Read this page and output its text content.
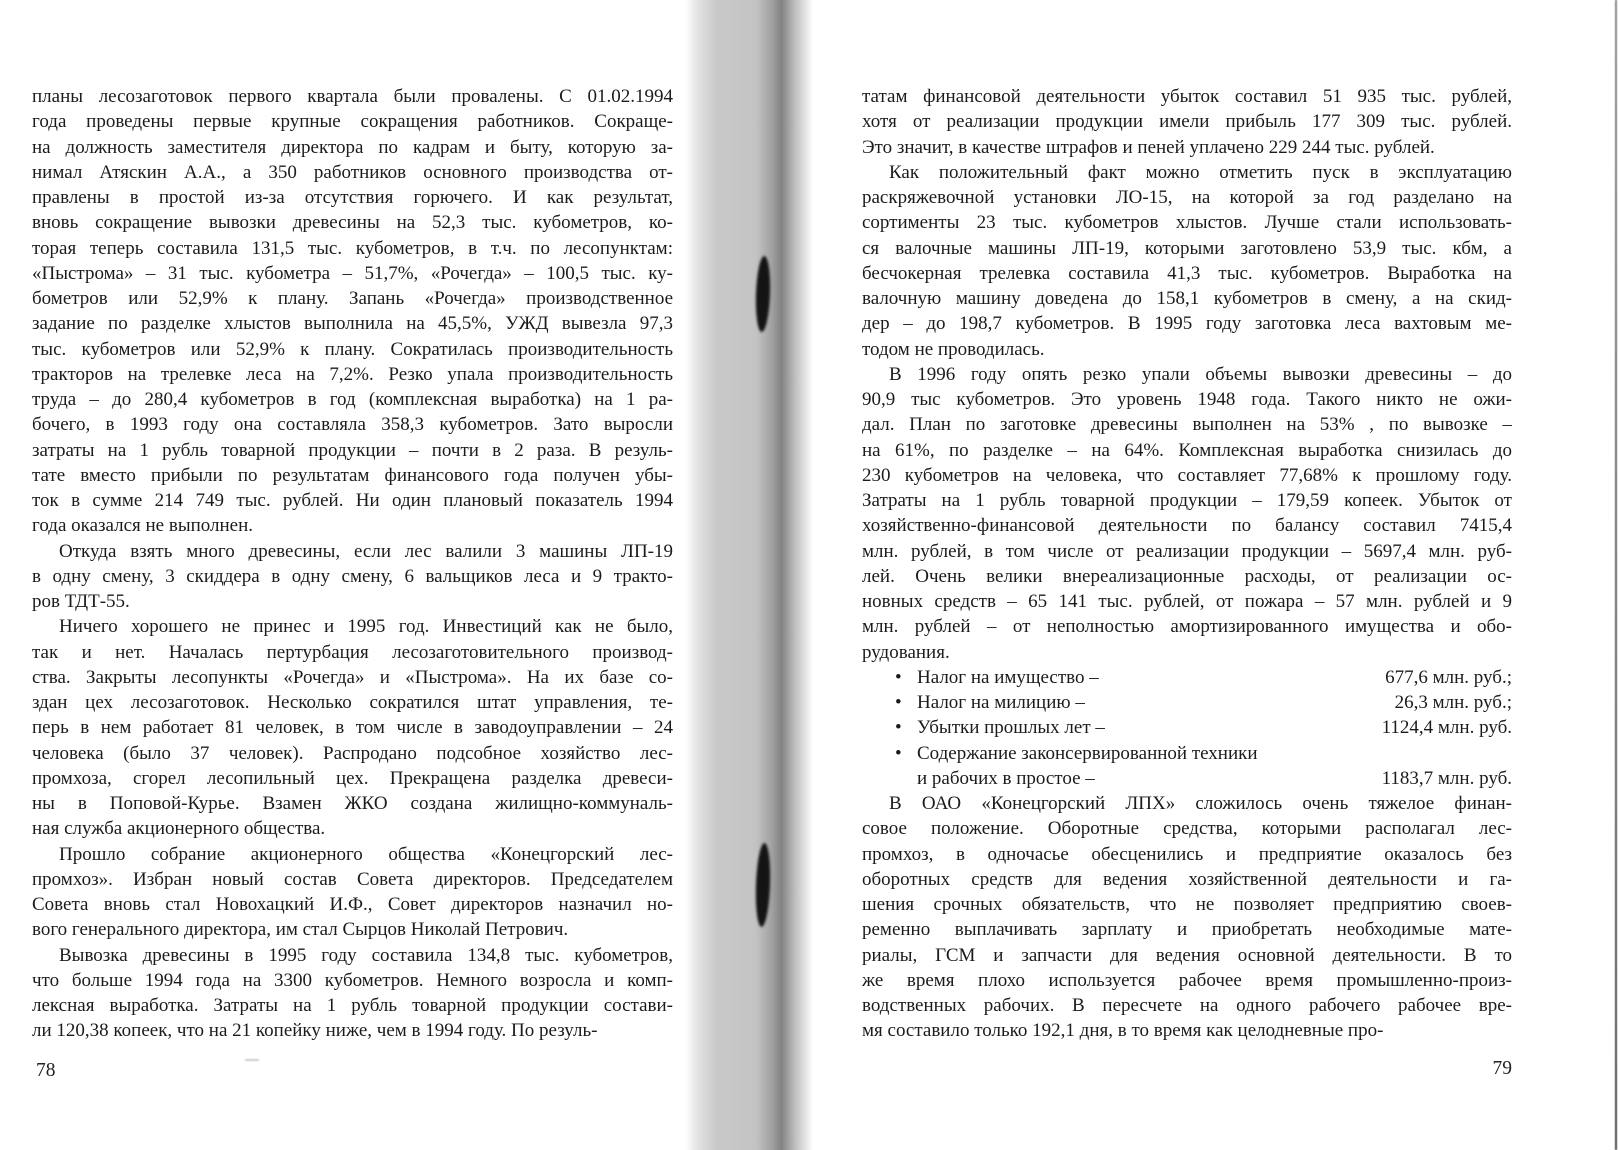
планы лесозаготовок первого квартала были провалены. С 01.02.1994
года проведены первые крупные сокращения работников. Сокраще-
на должность заместителя директора по кадрам и быту, которую за-
нимал Атяскин А.А., а 350 работников основного производства от-
правлены в простой из-за отсутствия горючего. И как результат,
вновь сокращение вывозки древесины на 52,3 тыс. кубометров, ко-
торая теперь составила 131,5 тыс. кубометров, в т.ч. по лесопунктам:
«Пыстрома» – 31 тыс. кубометра – 51,7%, «Рочегда» – 100,5 тыс. ку-
бометров или 52,9% к плану. Запань «Рочегда» производственное
задание по разделке хлыстов выполнила на 45,5%, УЖД вывезла 97,3
тыс. кубометров или 52,9% к плану. Сократилась производительность
тракторов на трелевке леса на 7,2%. Резко упала производительность
труда – до 280,4 кубометров в год (комплексная выработка) на 1 ра-
бочего, в 1993 году она составляла 358,3 кубометров. Зато выросли
затраты на 1 рубль товарной продукции – почти в 2 раза. В резуль-
тате вместо прибыли по результатам финансового года получен убы-
ток в сумме 214 749 тыс. рублей. Ни один плановый показатель 1994
года оказался не выполнен.
Откуда взять много древесины, если лес валили 3 машины ЛП-19
в одну смену, 3 скиддера в одну смену, 6 вальщиков леса и 9 тракто-
ров ТДТ-55.
Ничего хорошего не принес и 1995 год. Инвестиций как не было,
так и нет. Началась пертурбация лесозаготовительного производ-
ства. Закрыты лесопункты «Рочегда» и «Пыстрома». На их базе со-
здан цех лесозаготовок. Несколько сократился штат управления, те-
перь в нем работает 81 человек, в том числе в заводоуправлении – 24
человека (было 37 человек). Распродано подсобное хозяйство лес-
промхоза, сгорел лесопильный цех. Прекращена разделка древеси-
ны в Поповой-Курье. Взамен ЖКО создана жилищно-коммуналь-
ная служба акционерного общества.
Прошло собрание акционерного общества «Конецгорский лес-
промхоз». Избран новый состав Совета директоров. Председателем
Совета вновь стал Новохацкий И.Ф., Совет директоров назначил но-
вого генерального директора, им стал Сырцов Николай Петрович.
Вывозка древесины в 1995 году составила 134,8 тыс. кубометров,
что больше 1994 года на 3300 кубометров. Немного возросла и комп-
лексная выработка. Затраты на 1 рубль товарной продукции состави-
ли 120,38 копеек, что на 21 копейку ниже, чем в 1994 году. По резуль-
татам финансовой деятельности убыток составил 51 935 тыс. рублей,
хотя от реализации продукции имели прибыль 177 309 тыс. рублей.
Это значит, в качестве штрафов и пеней уплачено 229 244 тыс. рублей.
Как положительный факт можно отметить пуск в эксплуатацию
раскряжевочной установки ЛО-15, на которой за год разделано на
сортименты 23 тыс. кубометров хлыстов. Лучше стали использовать-
ся валочные машины ЛП-19, которыми заготовлено 53,9 тыс. кбм, а
бесчокерная трелевка составила 41,3 тыс. кубометров. Выработка на
валочную машину доведена до 158,1 кубометров в смену, а на скид-
дер – до 198,7 кубометров. В 1995 году заготовка леса вахтовым ме-
тодом не проводилась.
В 1996 году опять резко упали объемы вывозки древесины – до
90,9 тыс кубометров. Это уровень 1948 года. Такого никто не ожи-
дал. План по заготовке древесины выполнен на 53% , по вывозке –
на 61%, по разделке – на 64%. Комплексная выработка снизилась до
230 кубометров на человека, что составляет 77,68% к прошлому году.
Затраты на 1 рубль товарной продукции – 179,59 копеек. Убыток от
хозяйственно-финансовой деятельности по балансу составил 7415,4
млн. рублей, в том числе от реализации продукции – 5697,4 млн. руб-
лей. Очень велики внереализационные расходы, от реализации ос-
новных средств – 65 141 тыс. рублей, от пожара – 57 млн. рублей и 9
млн. рублей – от неполностью амортизированного имущества и обо-
рудования.
• Налог на имущество –	677,6 млн. руб.;
• Налог на милицию –	26,3 млн. руб.;
• Убытки прошлых лет –	1124,4 млн. руб.
• Содержание законсервированной техники
и рабочих в простое –	1183,7 млн. руб.
В ОАО «Конецгорский ЛПХ» сложилось очень тяжелое финан-
совое положение. Оборотные средства, которыми располагал лес-
промхоз, в одночасье обесценились и предприятие оказалось без
оборотных средств для ведения хозяйственной деятельности и га-
шения срочных обязательств, что не позволяет предприятию своев-
ременно выплачивать зарплату и приобретать необходимые мате-
риалы, ГСМ и запчасти для ведения основной деятельности. В то
же время плохо используется рабочее время промышленно-произ-
водственных рабочих. В пересчете на одного рабочего рабочее вре-
мя составило только 192,1 дня, в то время как целодневные про-
78	79
